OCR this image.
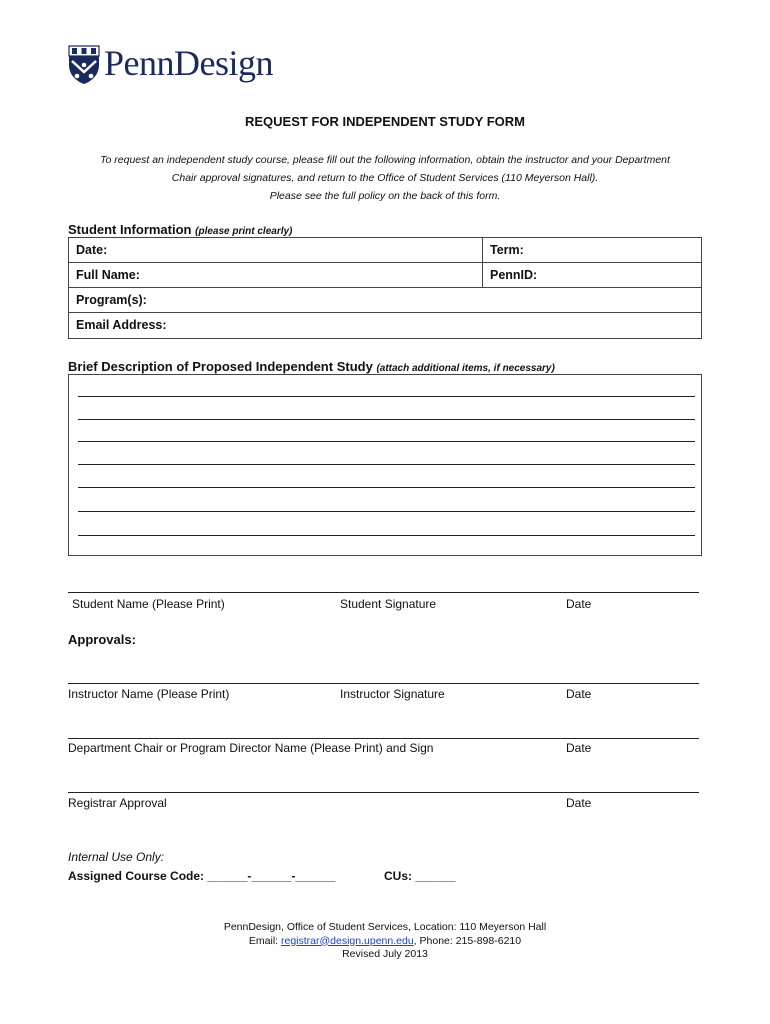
PennDesign
REQUEST FOR INDEPENDENT STUDY FORM
To request an independent study course, please fill out the following information, obtain the instructor and your Department
Chair approval signatures, and return to the Office of Student Services (110 Meyerson Hall).
Please see the full policy on the back of this form.
Student Information (please print clearly)
Date:	Term:
Full Name:	PennID:
Program(s):
Email Address:
Brief Description of Proposed Independent Study (attach additional items, if necessary)
Student Name (Please Print)	Student Signature	Date
Approvals:
Instructor Name (Please Print)	Instructor Signature	Date
Department Chair or Program Director Name (Please Print) and Sign	Date
Registrar Approval	Date
Internal Use Only:
Assigned Course Code: ______-______-______	CUs: ______
PennDesign, Office of Student Services, Location: 110 Meyerson Hall
Email: registrar@design.upenn.edu, Phone: 215-898-6210
Revised July 2013
